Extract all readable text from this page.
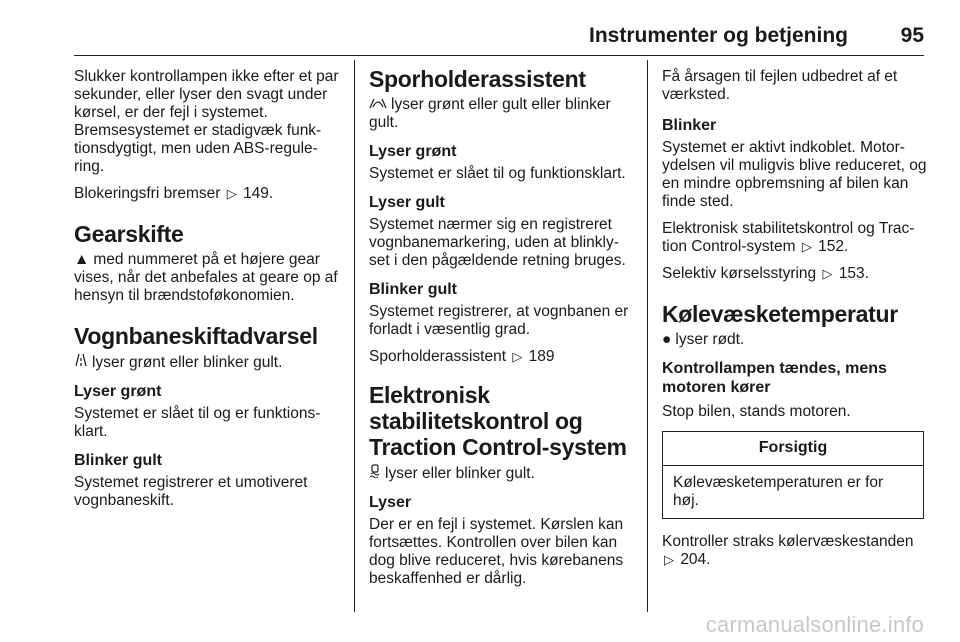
Instrumenter og betjening	95

Slukker kontrollampen ikke efter et par sekunder, eller lyser den svagt under kørsel, er der fejl i systemet. Bremsesystemet er stadigvæk funk-tionsdygtigt, men uden ABS-regule-ring.

Blokeringsfri bremser ▷ 149.

Gearskifte

▲ med nummeret på et højere gear vises, når det anbefales at geare op af hensyn til brændstoføkonomien.

Vognbaneskiftadvarsel

lyser grønt eller blinker gult.

Lyser grønt

Systemet er slået til og er funktions-klart.

Blinker gult

Systemet registrerer et umotiveret vognbaneskift.

Sporholderassistent

lyser grønt eller gult eller blinker gult.

Lyser grønt

Systemet er slået til og funktionsklart.

Lyser gult

Systemet nærmer sig en registreret vognbanemarkering, uden at blinkly-set i den pågældende retning bruges.

Blinker gult

Systemet registrerer, at vognbanen er forladt i væsentlig grad.

Sporholderassistent ▷ 189

Elektronisk stabilitetskontrol og Traction Control-system

lyser eller blinker gult.

Lyser

Der er en fejl i systemet. Kørslen kan fortsættes. Kontrollen over bilen kan dog blive reduceret, hvis kørebanens beskaffenhed er dårlig.

Få årsagen til fejlen udbedret af et værksted.

Blinker

Systemet er aktivt indkoblet. Motor-ydelsen vil muligvis blive reduceret, og en mindre opbremsning af bilen kan finde sted.

Elektronisk stabilitetskontrol og Trac-tion Control-system ▷ 152.

Selektiv kørselsstyring ▷ 153.

Kølevæsketemperatur

● lyser rødt.

Kontrollampen tændes, mens motoren kører

Stop bilen, stands motoren.

Forsigtig
Kølevæsketemperaturen er for høj.

Kontroller straks kølervæskestanden ▷ 204.

carmanualsonline.info
